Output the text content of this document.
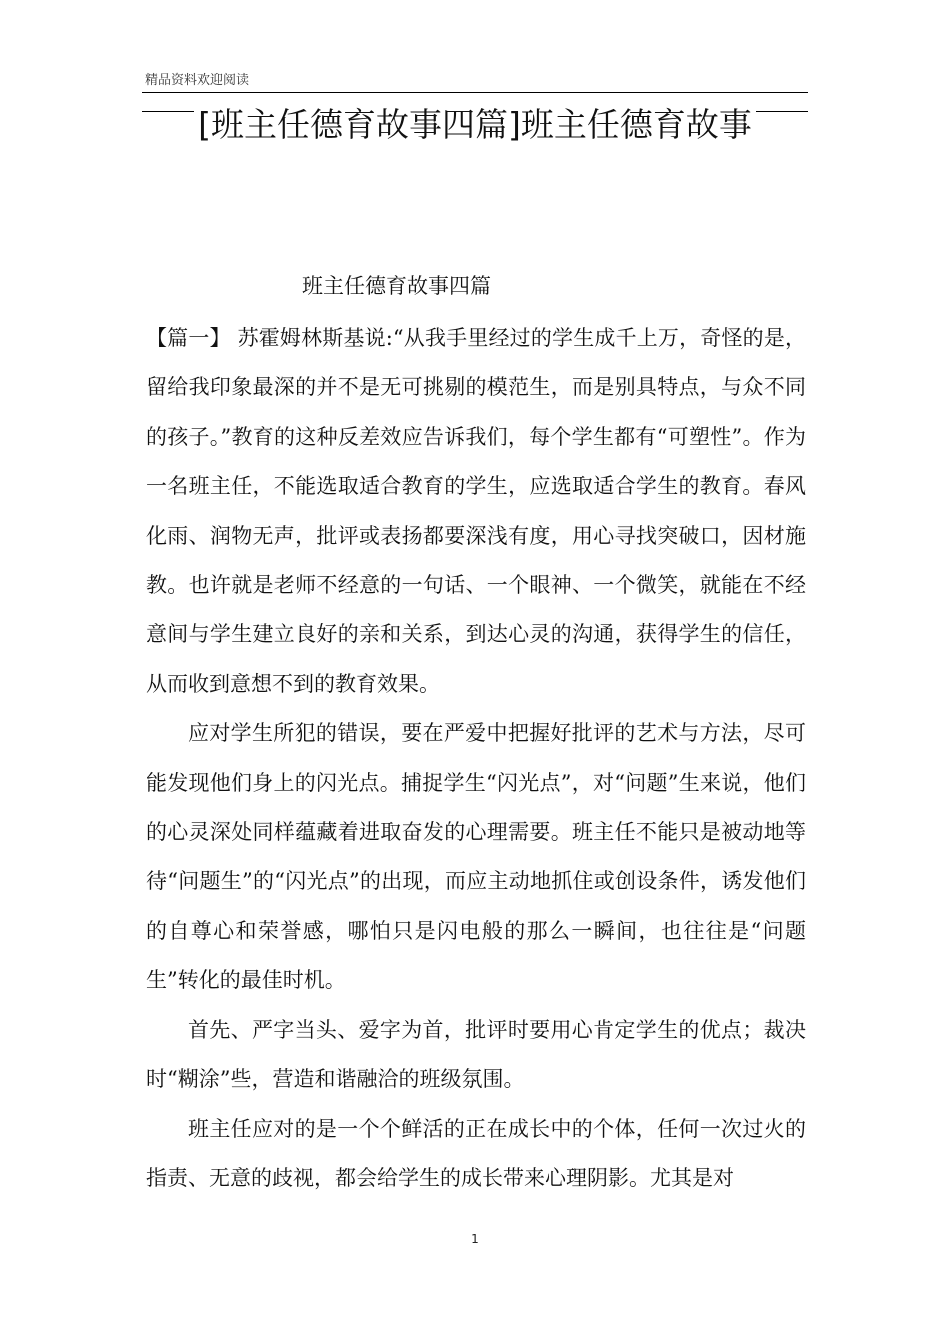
精品资料欢迎阅读
[班主任德育故事四篇]班主任德育故事
班主任德育故事四篇

【篇一】 苏霍姆林斯基说:“从我手里经过的学生成千上万，奇怪的是，留给我印象最深的并不是无可挑剔的模范生，而是别具特点，与众不同的孩子。”教育的这种反差效应告诉我们，每个学生都有“可塑性”。作为一名班主任，不能选取适合教育的学生，应选取适合学生的教育。春风化雨、润物无声，批评或表扬都要深浅有度，用心寻找突破口，因材施教。也许就是老师不经意的一句话、一个眼神、一个微笑，就能在不经意间与学生建立良好的亲和关系，到达心灵的沟通，获得学生的信任，从而收到意想不到的教育效果。

应对学生所犯的错误，要在严爱中把握好批评的艺术与方法，尽可能发现他们身上的闪光点。捕捉学生“闪光点”，对“问题”生来说，他们的心灵深处同样蕴藏着进取奋发的心理需要。班主任不能只是被动地等待“问题生”的“闪光点”的出现，而应主动地抓住或创设条件，诱发他们的自尊心和荣誉感，哪怕只是闪电般的那么一瞬间，也往往是“问题生”转化的最佳时机。

首先、严字当头、爱字为首，批评时要用心肯定学生的优点；裁决时“糊涂”些，营造和谐融洽的班级氛围。

班主任应对的是一个个鲜活的正在成长中的个体，任何一次过火的 指责、无意的歧视，都会给学生的成长带来心理阴影。尤其是对

1
